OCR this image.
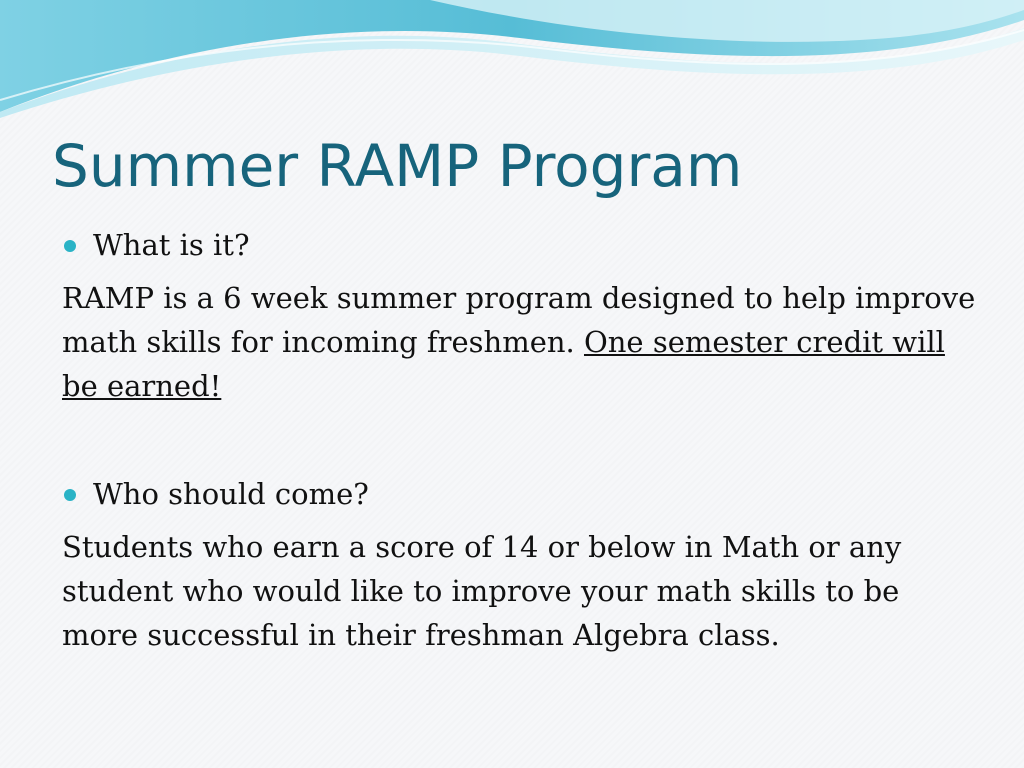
Summer RAMP Program
What is it?

RAMP is a 6 week summer program designed to help improve math skills for incoming freshmen. One semester credit will be earned!

Who should come?

Students who earn a score of 14 or below in Math or any student who would like to improve your math skills to be more successful in their freshman Algebra class.
